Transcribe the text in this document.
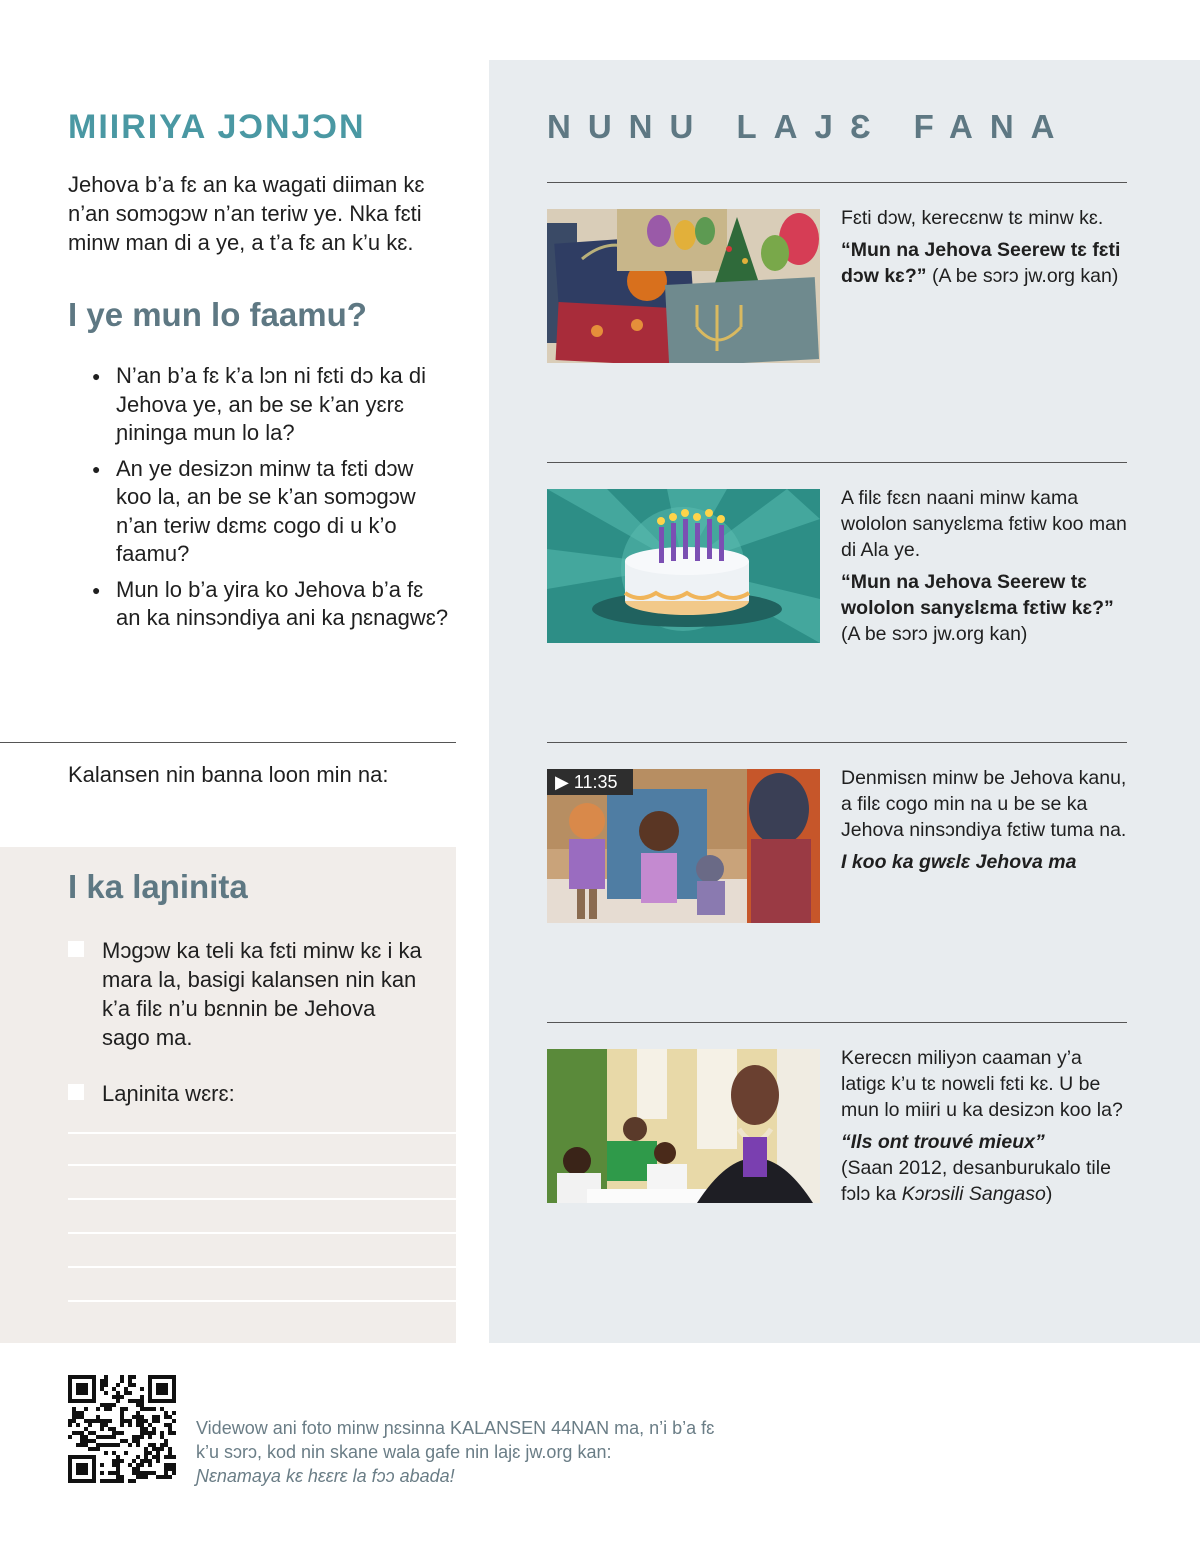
MIIRIYA JƆNJƆN

Jehova b’a fɛ an ka wagati diiman kɛ n’an somɔgɔw n’an teriw ye. Nka fɛti minw man di a ye, a t’a fɛ an k’u kɛ.

I ye mun lo faamu?
● N’an b’a fɛ k’a lɔn ni fɛti dɔ ka di Jehova ye, an be se k’an yɛrɛ ɲininga mun lo la?
● An ye desizɔn minw ta fɛti dɔw koo la, an be se k’an somɔgɔw n’an teriw dɛmɛ cogo di u k’o faamu?
● Mun lo b’a yira ko Jehova b’a fɛ an ka ninsɔndiya ani ka ɲɛnagwɛ?

Kalansen nin banna loon min na:

I ka laɲinita
Mɔgɔw ka teli ka fɛti minw kɛ i ka mara la, basigi kalansen nin kan k’a filɛ n’u bɛnnin be Jehova sago ma.
Laɲinita wɛrɛ:
NUNU LAJƐ FANA

Fɛti dɔw, kerecɛnw tɛ minw kɛ.

“Mun na Jehova Seerew tɛ fɛti dɔw kɛ?” (A be sɔrɔ jw.org kan)

A filɛ fɛɛn naani minw kama wololon sanyɛlɛma fɛtiw koo man di Ala ye.

“Mun na Jehova Seerew tɛ wololon sanyɛlɛma fɛtiw kɛ?”

(A be sɔrɔ jw.org kan)

▶ 11:35	Denmisɛn minw be Jehova kanu, a filɛ cogo min na u be se ka Jehova ninsɔndiya fɛtiw tuma na.

I koo ka gwɛlɛ Jehova ma

Kerecɛn miliyɔn caaman y’a latigɛ k’u tɛ nowɛli fɛti kɛ. U be mun lo miiri u ka desizɔn koo la?

“Ils ont trouvé mieux”

(Saan 2012, desanburukalo tile fɔlɔ ka Kɔrɔsili Sangaso)

Videwow ani foto minw ɲɛsinna KALANSEN 44NAN ma, n’i b’a fɛ k’u sɔrɔ, kod nin skane wala gafe nin lajɛ jw.org kan:
Ɲɛnamaya kɛ hɛɛrɛ la fɔɔ abada!
